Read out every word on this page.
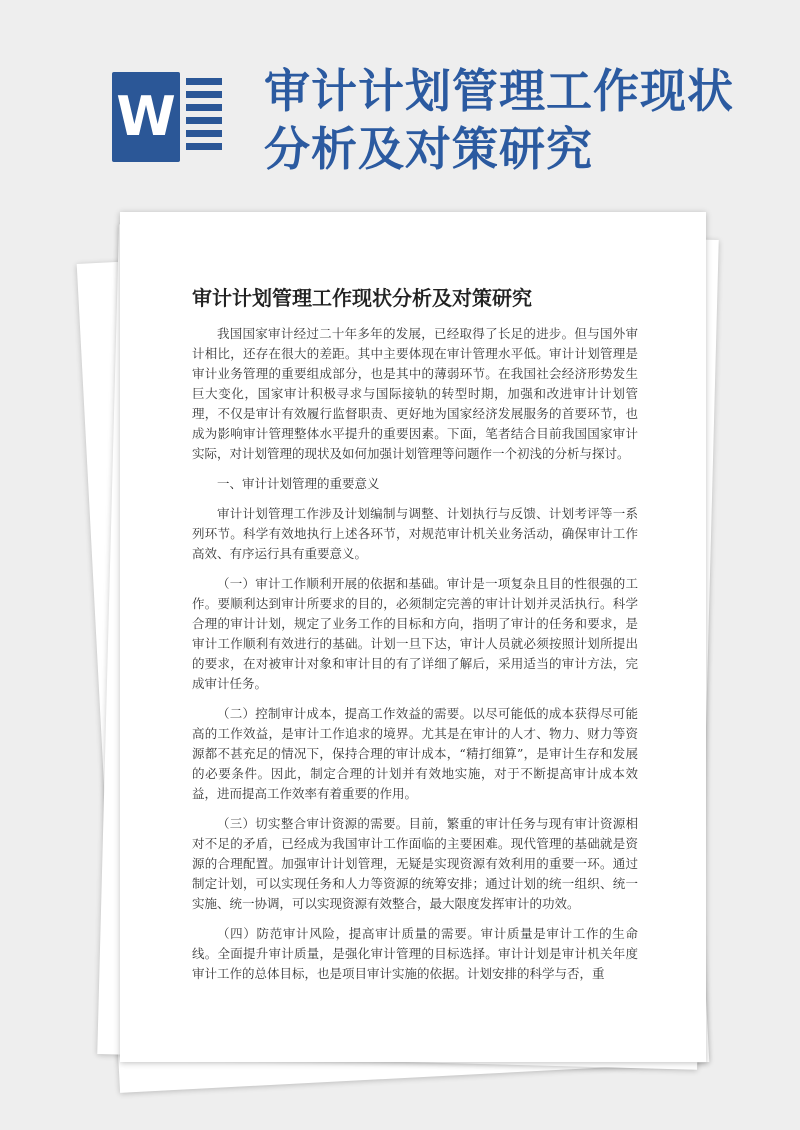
W 审计计划管理工作现状分析及对策研究
审计计划管理工作现状分析及对策研究

我国国家审计经过二十年多年的发展，已经取得了长足的进步。但与国外审计相比，还存在很大的差距。其中主要体现在审计管理水平低。审计计划管理是审计业务管理的重要组成部分，也是其中的薄弱环节。在我国社会经济形势发生巨大变化，国家审计积极寻求与国际接轨的转型时期，加强和改进审计计划管理，不仅是审计有效履行监督职责、更好地为国家经济发展服务的首要环节，也成为影响审计管理整体水平提升的重要因素。下面，笔者结合目前我国国家审计实际，对计划管理的现状及如何加强计划管理等问题作一个初浅的分析与探讨。

一、审计计划管理的重要意义

审计计划管理工作涉及计划编制与调整、计划执行与反馈、计划考评等一系列环节。科学有效地执行上述各环节，对规范审计机关业务活动，确保审计工作高效、有序运行具有重要意义。

（一）审计工作顺利开展的依据和基础。审计是一项复杂且目的性很强的工作。要顺利达到审计所要求的目的，必须制定完善的审计计划并灵活执行。科学合理的审计计划，规定了业务工作的目标和方向，指明了审计的任务和要求，是审计工作顺利有效进行的基础。计划一旦下达，审计人员就必须按照计划所提出的要求，在对被审计对象和审计目的有了详细了解后，采用适当的审计方法，完成审计任务。

（二）控制审计成本，提高工作效益的需要。以尽可能低的成本获得尽可能高的工作效益，是审计工作追求的境界。尤其是在审计的人才、物力、财力等资源都不甚充足的情况下，保持合理的审计成本，“精打细算”，是审计生存和发展的必要条件。因此，制定合理的计划并有效地实施，对于不断提高审计成本效益，进而提高工作效率有着重要的作用。

（三）切实整合审计资源的需要。目前，繁重的审计任务与现有审计资源相对不足的矛盾，已经成为我国审计工作面临的主要困难。现代管理的基础就是资源的合理配置。加强审计计划管理，无疑是实现资源有效利用的重要一环。通过制定计划，可以实现任务和人力等资源的统筹安排；通过计划的统一组织、统一实施、统一协调，可以实现资源有效整合，最大限度发挥审计的功效。

（四）防范审计风险，提高审计质量的需要。审计质量是审计工作的生命线。全面提升审计质量，是强化审计管理的目标选择。审计计划是审计机关年度审计工作的总体目标，也是项目审计实施的依据。计划安排的科学与否，重
